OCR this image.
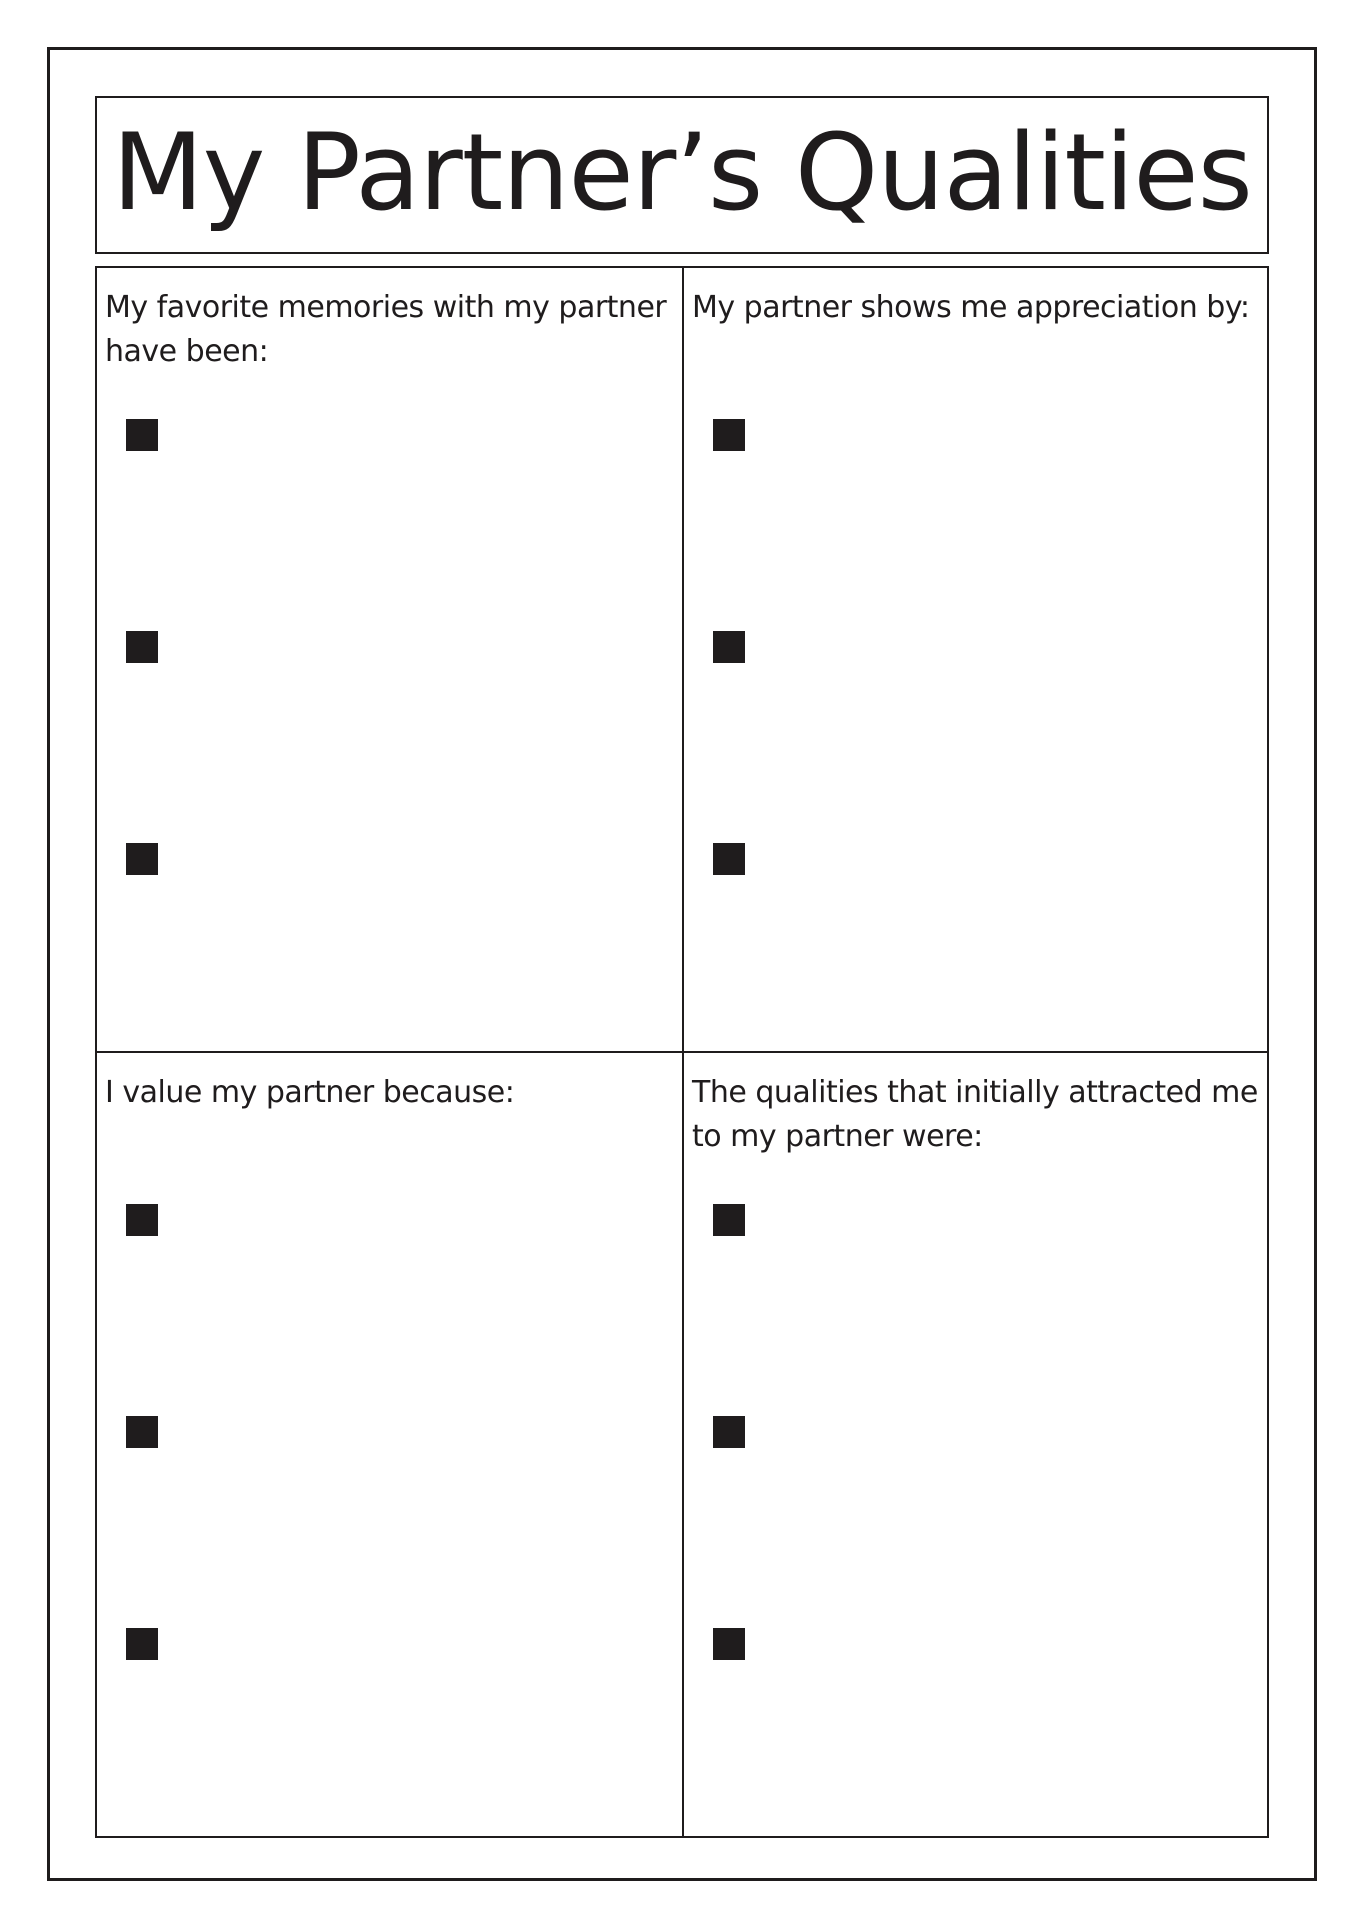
My Partner’s Qualities
My favorite memories with my partner have been:
My partner shows me appreciation by:
I value my partner because:	The qualities that initially attracted me to my partner were:
